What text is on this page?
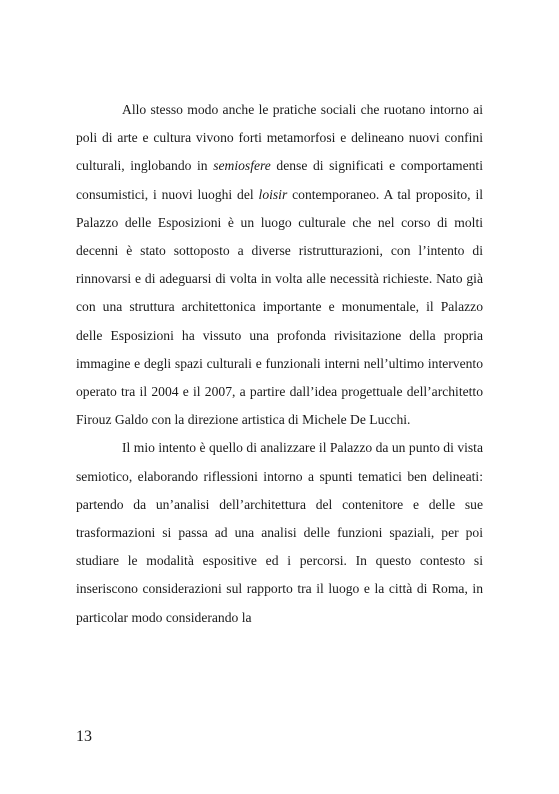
Allo stesso modo anche le pratiche sociali che ruotano intorno ai poli di arte e cultura vivono forti metamorfosi e delineano nuovi confini culturali, inglobando in semiosfere dense di significati e comportamenti consumistici, i nuovi luoghi del loisir contemporaneo. A tal proposito, il Palazzo delle Esposizioni è un luogo culturale che nel corso di molti decenni è stato sottoposto a diverse ristrutturazioni, con l’intento di rinnovarsi e di adeguarsi di volta in volta alle necessità richieste. Nato già con una struttura architettonica importante e monumentale, il Palazzo delle Esposizioni ha vissuto una profonda rivisitazione della propria immagine e degli spazi culturali e funzionali interni nell’ultimo intervento operato tra il 2004 e il 2007, a partire dall’idea progettuale dell’architetto Firouz Galdo con la direzione artistica di Michele De Lucchi.

Il mio intento è quello di analizzare il Palazzo da un punto di vista semiotico, elaborando riflessioni intorno a spunti tematici ben delineati: partendo da un’analisi dell’architettura del contenitore e delle sue trasformazioni si passa ad una analisi delle funzioni spaziali, per poi studiare le modalità espositive ed i percorsi. In questo contesto si inseriscono considerazioni sul rapporto tra il luogo e la città di Roma, in particolar modo considerando la

13
